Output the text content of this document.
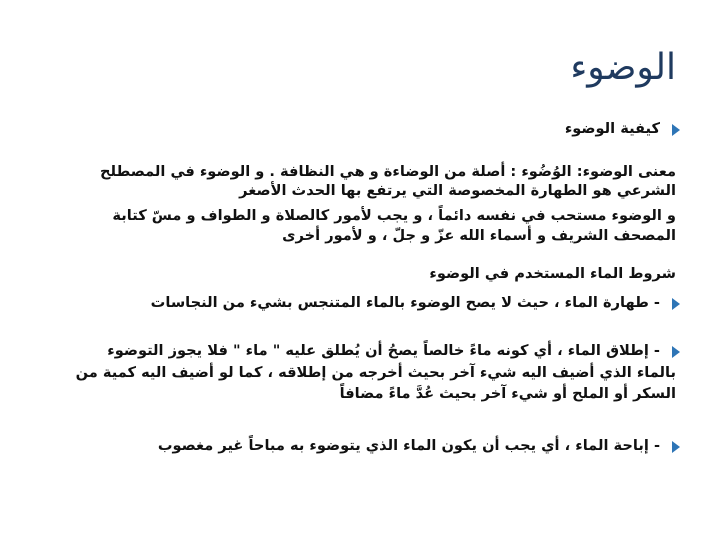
الوضوء
كيفية الوضوء
معنى الوضوء: الوُضُوء : أصلة من الوضاءة و هي النظافة . و الوضوء في المصطلح
الشرعي هو الطهارة المخصوصة التي يرتفع بها الحدث الأصغر
و الوضوء مستحب في نفسه دائماً ، و يجب لأمور كالصلاة و الطواف و مسّ كتابة
المصحف الشريف و أسماء الله عزّ و جلّ ، و لأمور أخرى
شروط الماء المستخدم في الوضوء
- طهارة الماء ، حيث لا يصح الوضوء بالماء المتنجس بشيء من النجاسات
- إطلاق الماء ، أي كونه ماءً خالصاً يصحُ أن يُطلق عليه " ماء " فلا يجوز التوضوء
بالماء الذي أضيف اليه شيء آخر بحيث أخرجه من إطلاقه ، كما لو أضيف اليه كمية من
السكر أو الملح أو شيء آخر بحيث عُدَّ ماءً مضافاً
- إباحة الماء ، أي يجب أن يكون الماء الذي يتوضوء به مباحاً غير مغصوب
